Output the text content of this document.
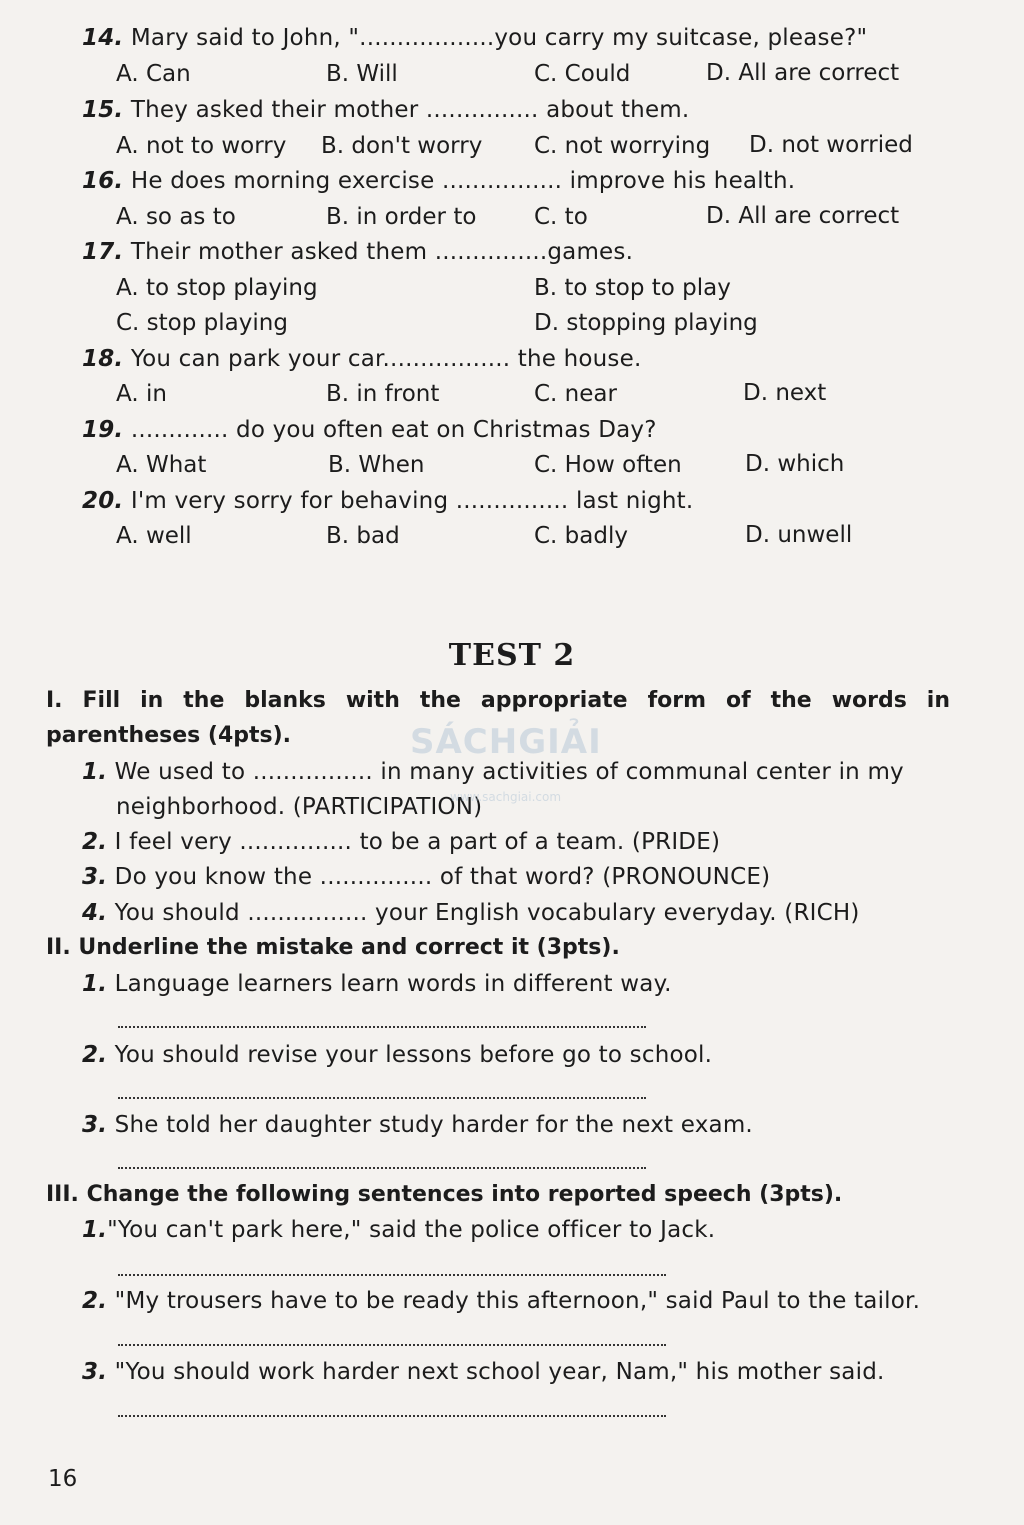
14. Mary said to John, "..................you carry my suitcase, please?"
A. Can	B. Will	C. Could	D. All are correct
15. They asked their mother ............... about them.
A. not to worry B. don't worry C. not worrying D. not worried
16. He does morning exercise ................ improve his health.
A. so as to	B. in order to	C. to	D. All are correct
17. Their mother asked them ...............games.
A. to stop playing	B. to stop to play
C. stop playing	D. stopping playing
18. You can park your car................. the house.
A. in	B. in front	C. near	D. next
19. ............. do you often eat on Christmas Day?
A. What	B. When	C. How often	D. which
20. I'm very sorry for behaving ............... last night.
A. well	B. bad	C. badly	D. unwell
TEST 2
I. Fill in the blanks with the appropriate form of the words in
parentheses (4pts).
1. We used to ................ in many activities of communal center in my
neighborhood. (PARTICIPATION)
2. I feel very ............... to be a part of a team. (PRIDE)
3. Do you know the ............... of that word? (PRONOUNCE)
4. You should ................ your English vocabulary everyday. (RICH)
II. Underline the mistake and correct it (3pts).
1. Language learners learn words in different way.
2. You should revise your lessons before go to school.
3. She told her daughter study harder for the next exam.
III. Change the following sentences into reported speech (3pts).
1."You can't park here," said the police officer to Jack.
2. "My trousers have to be ready this afternoon," said Paul to the tailor.
3. "You should work harder next school year, Nam," his mother said.
SÁCHGIẢI
www.sachgiai.com
16
